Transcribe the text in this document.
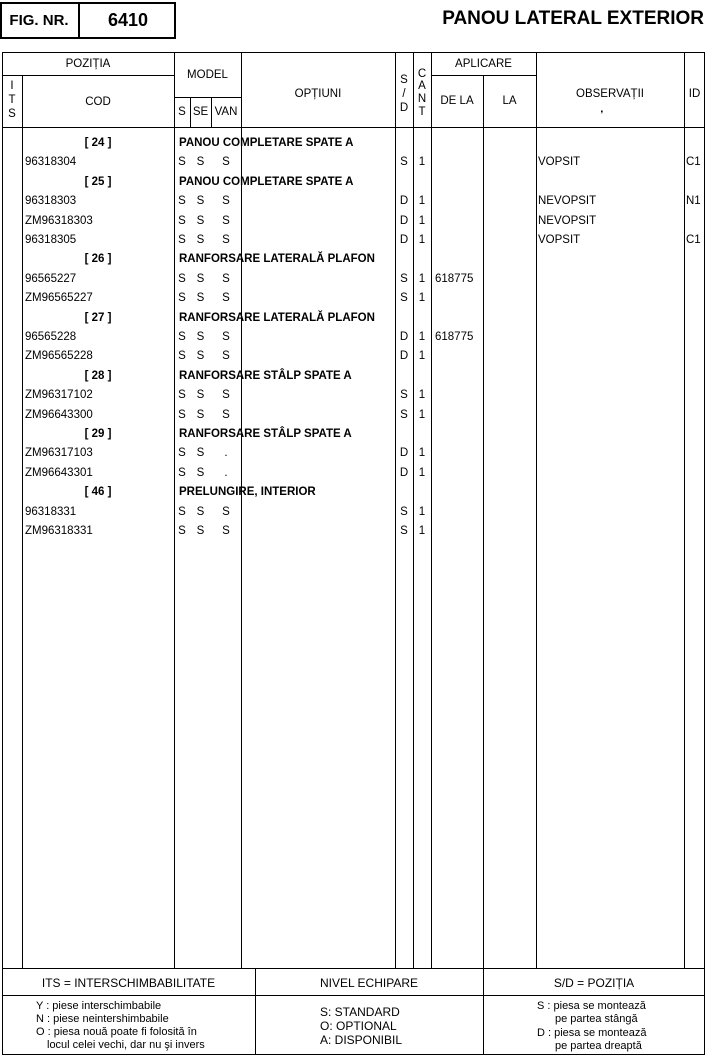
FIG. NR.	6410	PANOU LATERAL EXTERIOR
POZIȚIA
I
T
S
COD
MODEL
S SE VAN
OPȚIUNI
S
/
D
C
A
N
T
APLICARE
DE LA	LA
OBSERVAȚII
❜
ID
[ 24 ]	PANOU COMPLETARE SPATE A
96318304	S S	S	S 1	VOPSIT	C1
[ 25 ]	PANOU COMPLETARE SPATE A
96318303	S S	S	D 1	NEVOPSIT	N1
ZM96318303	S S	S	D 1	NEVOPSIT
96318305	S S	S	D 1	VOPSIT	C1
[ 26 ]	RANFORSARE LATERALĂ PLAFON
96565227	S S	S	S 1 618775
ZM96565227	S S	S	S 1
[ 27 ]	RANFORSARE LATERALĂ PLAFON
96565228	S S	S	D 1 618775
ZM96565228	S S	S	D 1
[ 28 ]	RANFORSARE STÂLP SPATE A
ZM96317102	S S	S	S 1
ZM96643300	S S	S	S 1
[ 29 ]	RANFORSARE STÂLP SPATE A
ZM96317103	S S	.	D 1
ZM96643301	S S	.	D 1
[ 46 ]	PRELUNGIRE, INTERIOR
96318331	S S	S	S 1
ZM96318331	S S	S	S 1
ITS = INTERSCHIMBABILITATE	NIVEL ECHIPARE	S/D = POZIȚIA
Y : piese interschimbabile
N : piese neintershimbabile
O : piesa nouă poate fi folosită în
locul celei vechi, dar nu şi invers
S: STANDARD
O: OPTIONAL
A: DISPONIBIL
S : piesa se montează
pe partea stângă
D : piesa se montează
pe partea dreaptă
